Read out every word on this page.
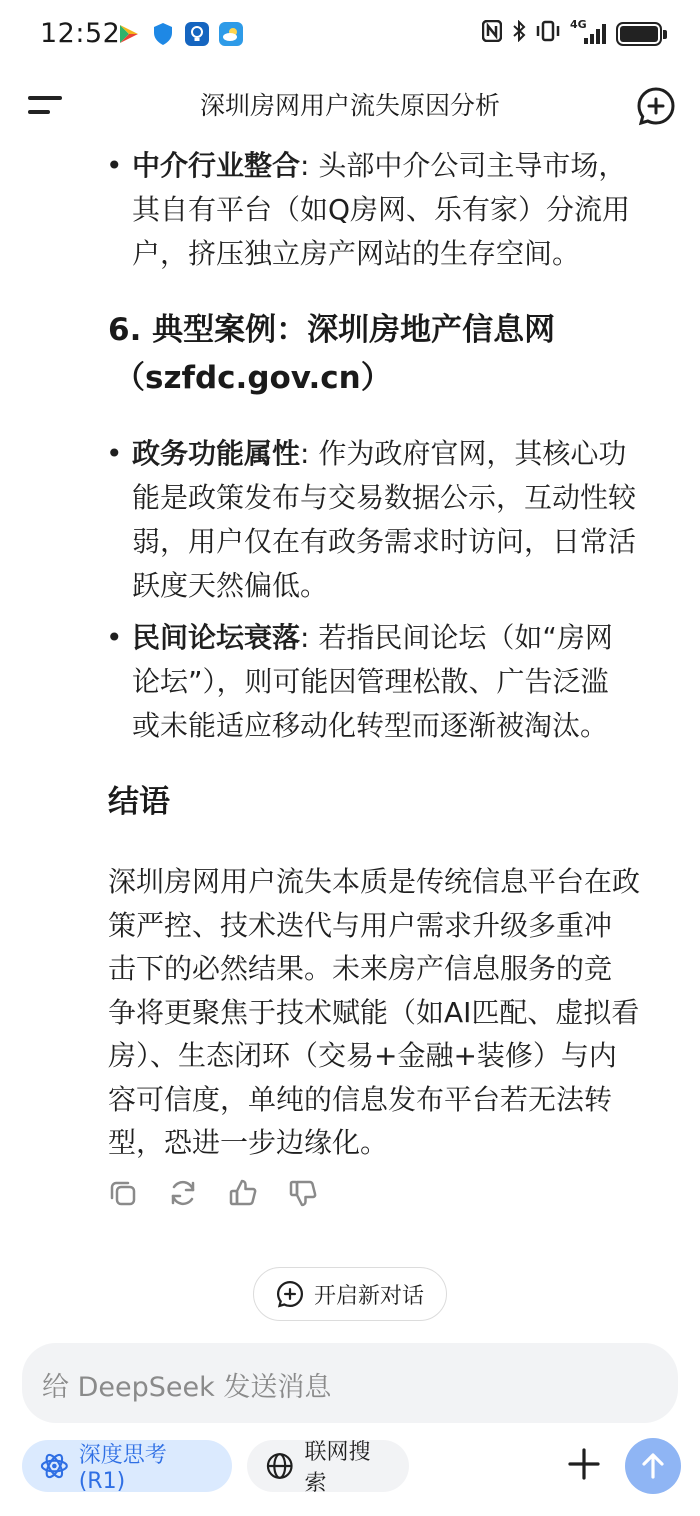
12:52	4G
深圳房网用户流失原因分析
• 中介行业整合: 头部中介公司主导市场，
其自有平台（如Q房网、乐有家）分流用
户，挤压独立房产网站的生存空间。
6. 典型案例：深圳房地产信息网
（szfdc.gov.cn）
• 政务功能属性: 作为政府官网，其核心功
能是政策发布与交易数据公示，互动性较
弱，用户仅在有政务需求时访问，日常活
跃度天然偏低。
• 民间论坛衰落: 若指民间论坛（如“房网
论坛”），则可能因管理松散、广告泛滥
或未能适应移动化转型而逐渐被淘汰。
结语
深圳房网用户流失本质是传统信息平台在政
策严控、技术迭代与用户需求升级多重冲
击下的必然结果。未来房产信息服务的竞
争将更聚焦于技术赋能（如AI匹配、虚拟看
房）、生态闭环（交易+金融+装修）与内
容可信度，单纯的信息发布平台若无法转
型，恐进一步边缘化。
开启新对话
给 DeepSeek 发送消息
深度思考 (R1)
联网搜索
